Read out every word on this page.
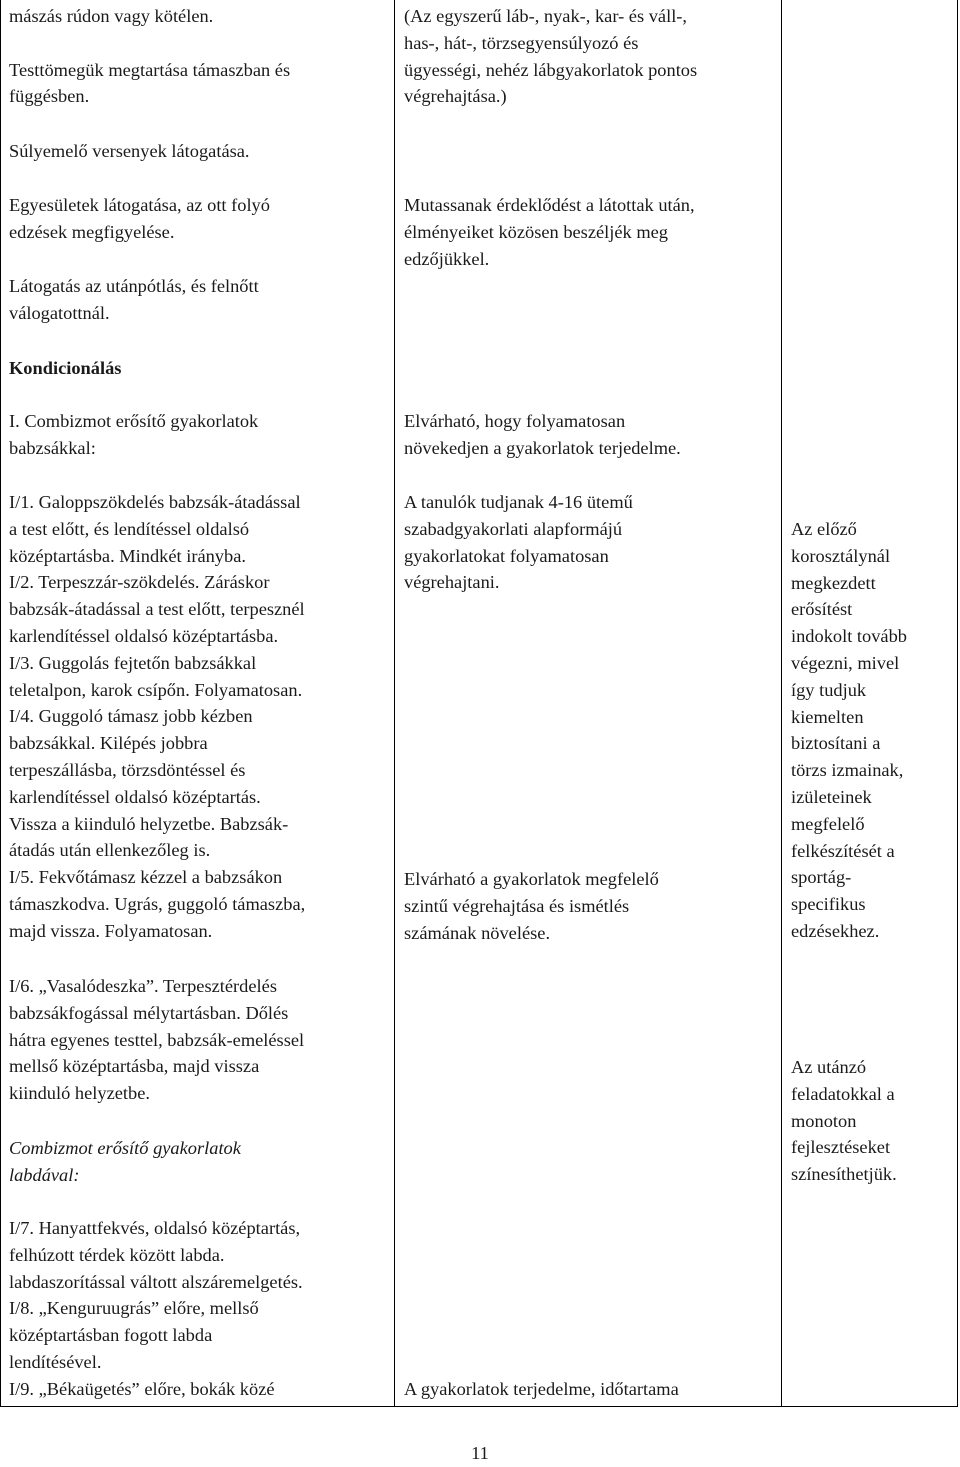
mászás rúdon vagy kötélen.

Testtömegük megtartása támaszban és
függésben.
Súlyemelő versenyek látogatása.
Egyesületek látogatása, az ott folyó
edzések megfigyelése.
Látogatás az utánpótlás, és felnőtt
válogatottnál.
Kondicionálás
I. Combizmot erősítő gyakorlatok
babzsákkal:
I/1. Galoppszökdelés babzsák-átadással
a test előtt, és lendítéssel oldalsó
középtartásba. Mindkét irányba.
I/2. Terpeszzár-szökdelés. Záráskor
babzsák-átadással a test előtt, terpesznél
karlendítéssel oldalsó középtartásba.
I/3. Guggolás fejtetőn babzsákkal
teletalpon, karok csípőn. Folyamatosan.
I/4. Guggoló támasz jobb kézben
babzsákkal. Kilépés jobbra
terpeszállásba, törzsdöntéssel és
karlendítéssel oldalsó középtartás.
Vissza a kiinduló helyzetbe. Babzsák-
átadás után ellenkezőleg is.
I/5. Fekvőtámasz kézzel a babzsákon
támaszkodva. Ugrás, guggoló támaszba,
majd vissza. Folyamatosan.
I/6. „Vasalódeszka”. Terpesztérdelés
babzsákfogással mélytartásban. Dőlés
hátra egyenes testtel, babzsák-emeléssel
mellső középtartásba, majd vissza
kiinduló helyzetbe.
Combizmot erősítő gyakorlatok
labdával:
I/7. Hanyattfekvés, oldalsó középtartás,
felhúzott térdek között labda.
labdaszorítással váltott alszáremelgetés.
I/8. „Kenguruugrás” előre, mellső
középtartásban fogott labda
lendítésével.
I/9. „Békaügetés” előre, bokák közé
(Az egyszerű láb-, nyak-, kar- és váll-,
has-, hát-, törzsegyensúlyozó és
ügyességi, nehéz lábgyakorlatok pontos
végrehajtása.)
Mutassanak érdeklődést a látottak után,
élményeiket közösen beszéljék meg
edzőjükkel.
Elvárható, hogy folyamatosan
növekedjen a gyakorlatok terjedelme.
A tanulók tudjanak 4-16 ütemű
szabadgyakorlati alapformájú
gyakorlatokat folyamatosan
végrehajtani.
Elvárható a gyakorlatok megfelelő
szintű végrehajtása és ismétlés
számának növelése.
A gyakorlatok terjedelme, időtartama
Az előző
korosztálynál
megkezdett
erősítést
indokolt tovább
végezni, mivel
így tudjuk
kiemelten
biztosítani a
törzs izmainak,
izületeinek
megfelelő
felkészítését a
sportág-
specifikus
edzésekhez.
Az utánzó
feladatokkal a
monoton
fejlesztéseket
színesíthetjük.
11
